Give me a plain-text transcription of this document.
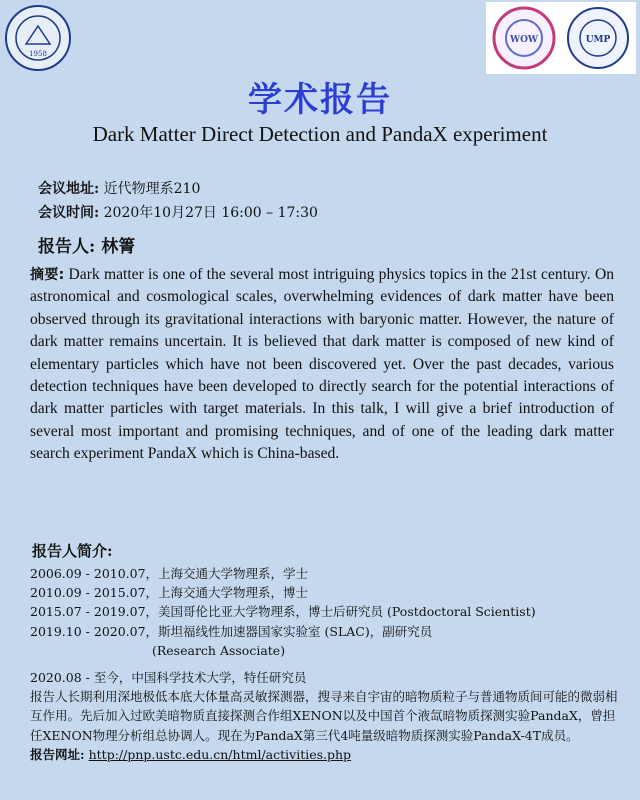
1958
WOW	UMP
学术报告
Dark Matter Direct Detection and PandaX experiment
会议地址: 近代物理系210
会议时间: 2020年10月27日 16:00 – 17:30
报告人: 林箐
摘要: Dark matter is one of the several most intriguing physics topics in the 21st century. On astronomical and cosmological scales, overwhelming evidences of dark matter have been observed through its gravitational interactions with baryonic matter. However, the nature of dark matter remains uncertain. It is believed that dark matter is composed of new kind of elementary particles which have not been discovered yet. Over the past decades, various detection techniques have been developed to directly search for the potential interactions of dark matter particles with target materials. In this talk, I will give a brief introduction of several most important and promising techniques, and of one of the leading dark matter search experiment PandaX which is China-based.
报告人简介:
2006.09 - 2010.07，上海交通大学物理系，学士
2010.09 - 2015.07，上海交通大学物理系，博士
2015.07 - 2019.07，美国哥伦比亚大学物理系，博士后研究员 (Postdoctoral Scientist)
2019.10 - 2020.07，斯坦福线性加速器国家实验室 (SLAC)，副研究员
(Research Associate)
2020.08 - 至今，中国科学技术大学，特任研究员
报告人长期利用深地极低本底大体量高灵敏探测器，搜寻来自宇宙的暗物质粒子与普通物质间可能的微弱相互作用。先后加入过欧美暗物质直接探测合作组XENON以及中国首个液氙暗物质探测实验PandaX，曾担任XENON物理分析组总协调人。现在为PandaX第三代4吨量级暗物质探测实验PandaX-4T成员。
报告网址: http://pnp.ustc.edu.cn/html/activities.php
